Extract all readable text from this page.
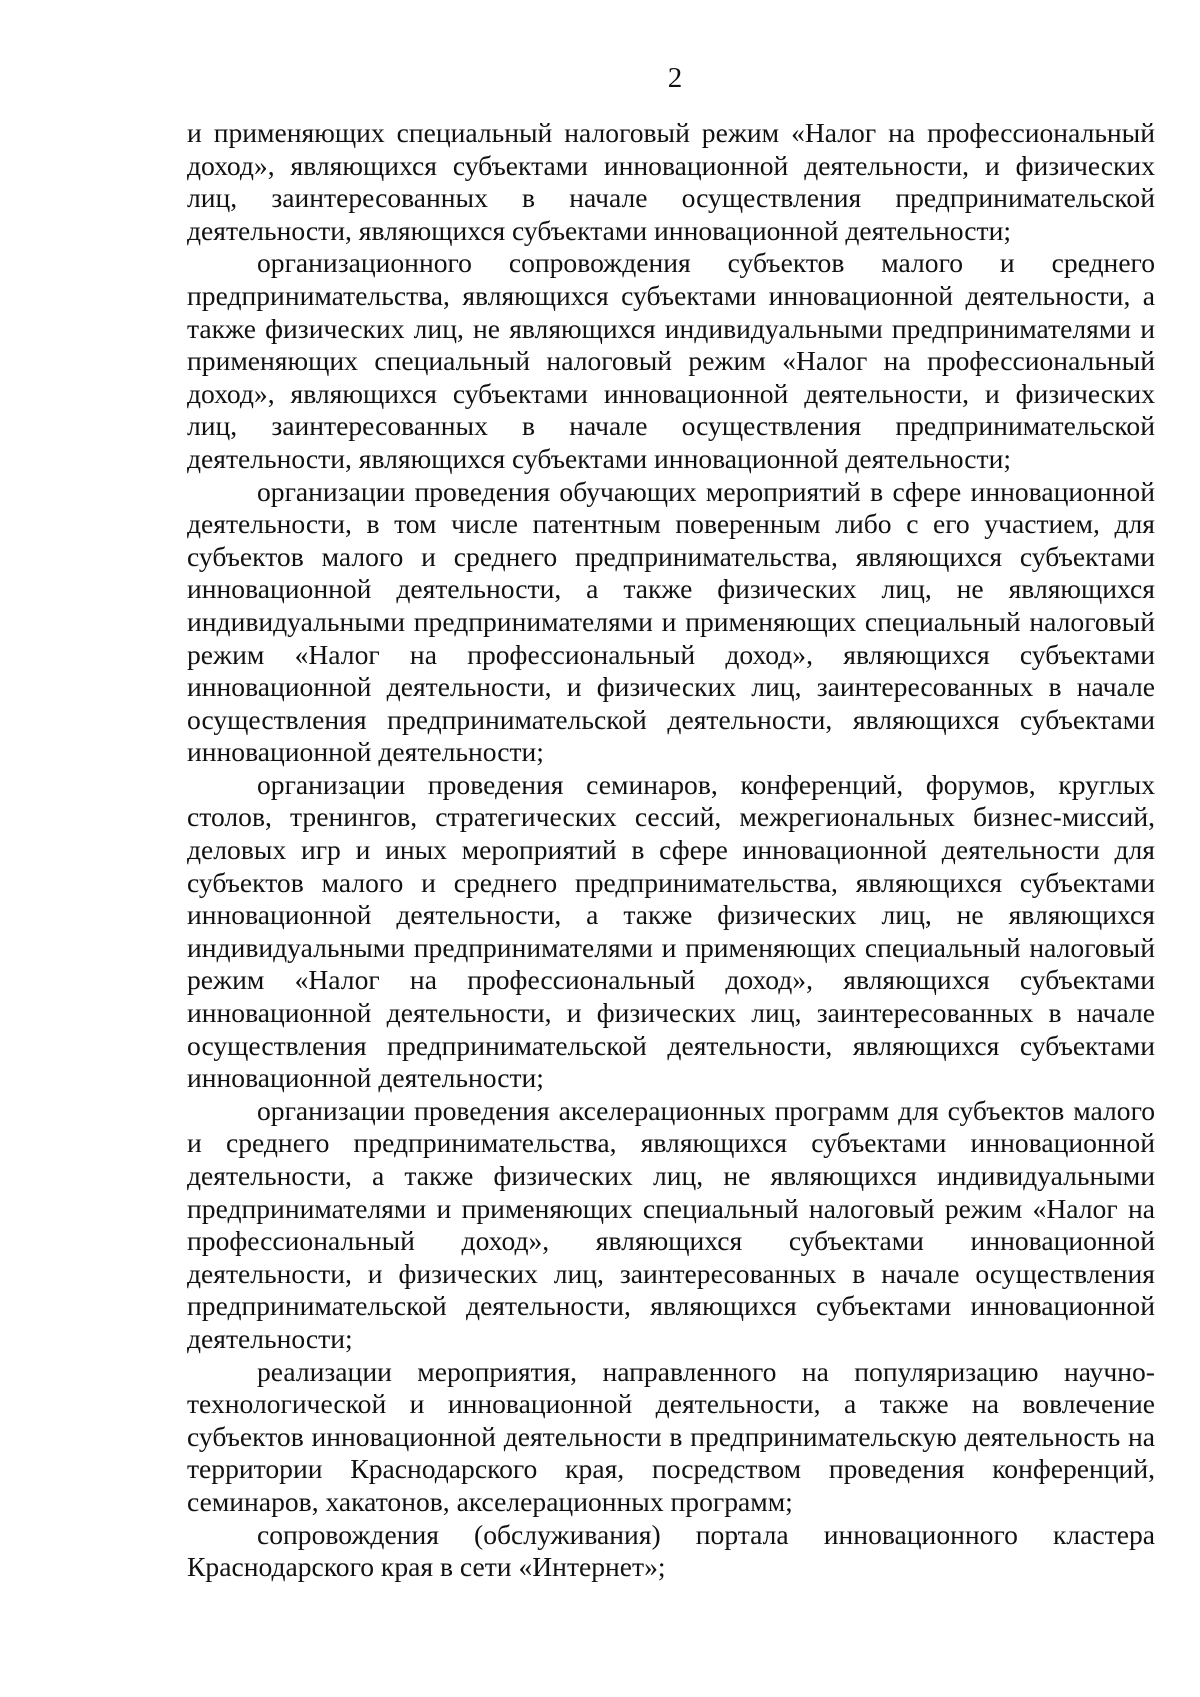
2

и применяющих специальный налоговый режим «Налог на профессиональный доход», являющихся субъектами инновационной деятельности, и физических лиц, заинтересованных в начале осуществления предпринимательской деятельности, являющихся субъектами инновационной деятельности;

организационного сопровождения субъектов малого и среднего предпринимательства, являющихся субъектами инновационной деятельности, а также физических лиц, не являющихся индивидуальными предпринимателями и применяющих специальный налоговый режим «Налог на профессиональный доход», являющихся субъектами инновационной деятельности, и физических лиц, заинтересованных в начале осуществления предпринимательской деятельности, являющихся субъектами инновационной деятельности;

организации проведения обучающих мероприятий в сфере инновационной деятельности, в том числе патентным поверенным либо с его участием, для субъектов малого и среднего предпринимательства, являющихся субъектами инновационной деятельности, а также физических лиц, не являющихся индивидуальными предпринимателями и применяющих специальный налоговый режим «Налог на профессиональный доход», являющихся субъектами инновационной деятельности, и физических лиц, заинтересованных в начале осуществления предпринимательской деятельности, являющихся субъектами инновационной деятельности;

организации проведения семинаров, конференций, форумов, круглых столов, тренингов, стратегических сессий, межрегиональных бизнес-миссий, деловых игр и иных мероприятий в сфере инновационной деятельности для субъектов малого и среднего предпринимательства, являющихся субъектами инновационной деятельности, а также физических лиц, не являющихся индивидуальными предпринимателями и применяющих специальный налоговый режим «Налог на профессиональный доход», являющихся субъектами инновационной деятельности, и физических лиц, заинтересованных в начале осуществления предпринимательской деятельности, являющихся субъектами инновационной деятельности;

организации проведения акселерационных программ для субъектов малого и среднего предпринимательства, являющихся субъектами инновационной деятельности, а также физических лиц, не являющихся индивидуальными предпринимателями и применяющих специальный налоговый режим «Налог на профессиональный доход», являющихся субъектами инновационной деятельности, и физических лиц, заинтересованных в начале осуществления предпринимательской деятельности, являющихся субъектами инновационной деятельности;

реализации мероприятия, направленного на популяризацию научно-технологической и инновационной деятельности, а также на вовлечение субъектов инновационной деятельности в предпринимательскую деятельность на территории Краснодарского края, посредством проведения конференций, семинаров, хакатонов, акселерационных программ;

сопровождения (обслуживания) портала инновационного кластера Краснодарского края в сети «Интернет»;
